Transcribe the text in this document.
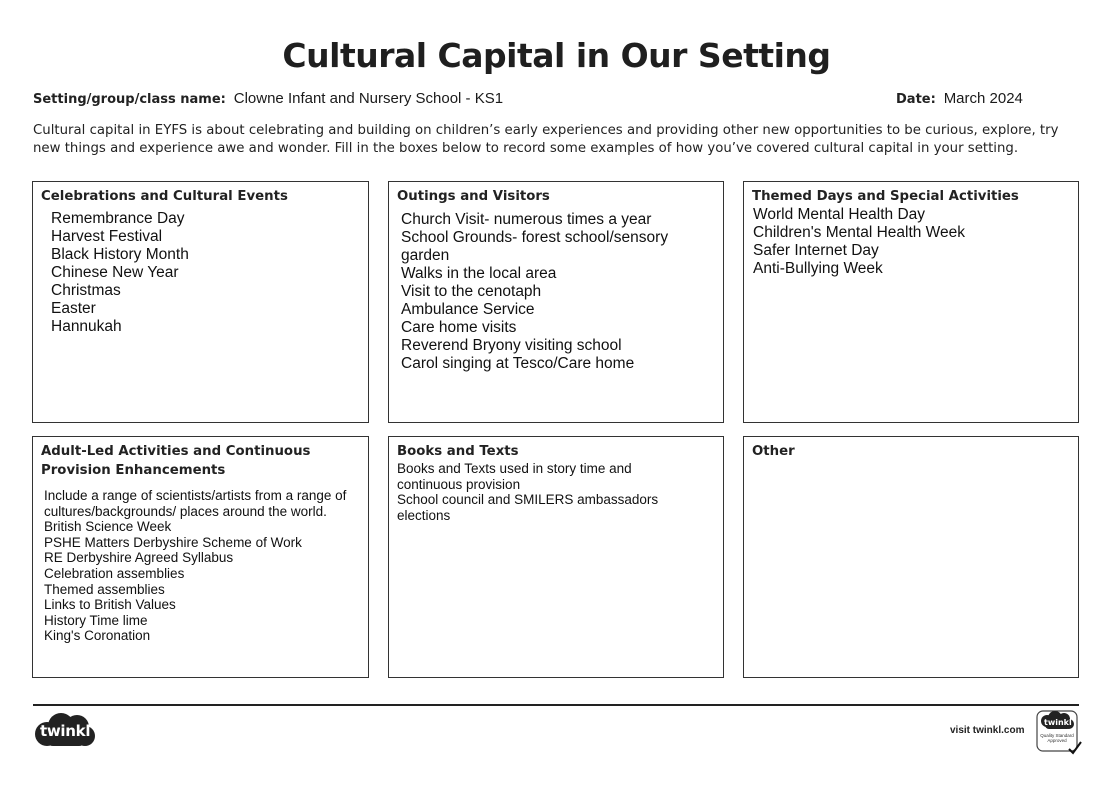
Cultural Capital in Our Setting
Setting/group/class name: Clowne Infant and Nursery School - KS1	Date: March 2024
Cultural capital in EYFS is about celebrating and building on children’s early experiences and providing other new opportunities to be curious, explore, try new things and experience awe and wonder. Fill in the boxes below to record some examples of how you’ve covered cultural capital in your setting.
Celebrations and Cultural Events
Remembrance Day
Harvest Festival
Black History Month
Chinese New Year
Christmas
Easter
Hannukah
Outings and Visitors
Church Visit- numerous times a year
School Grounds- forest school/sensory garden
Walks in the local area
Visit to the cenotaph
Ambulance Service
Care home visits
Reverend Bryony visiting school
Carol singing at Tesco/Care home
Themed Days and Special Activities
World Mental Health Day
Children's Mental Health Week
Safer Internet Day
Anti-Bullying Week
Adult-Led Activities and Continuous Provision Enhancements
Include a range of scientists/artists from a range of cultures/backgrounds/ places around the world.
British Science Week
PSHE Matters Derbyshire Scheme of Work
RE Derbyshire Agreed Syllabus
Celebration assemblies
Themed assemblies
Links to British Values
History Time lime
King's Coronation
Books and Texts
Books and Texts used in story time and continuous provision
School council and SMILERS ambassadors elections
Other
twinkl	visit twinkl.com
twinkl
Quality Standard Approved
